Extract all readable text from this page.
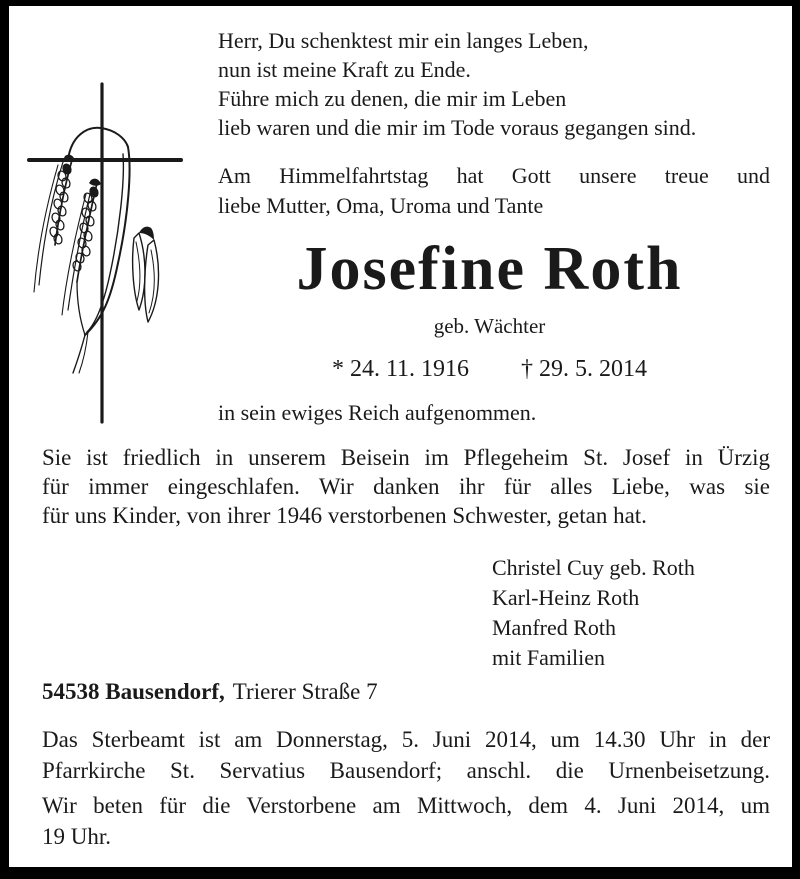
Herr, Du schenktest mir ein langes Leben,
nun ist meine Kraft zu Ende.
Führe mich zu denen, die mir im Leben
lieb waren und die mir im Tode voraus gegangen sind.
Am Himmelfahrtstag hat Gott unsere treue und
liebe Mutter, Oma, Uroma und Tante
Josefine Roth
geb. Wächter
* 24. 11. 1916 † 29. 5. 2014
in sein ewiges Reich aufgenommen.
Sie ist friedlich in unserem Beisein im Pflegeheim St. Josef in Ürzig
für immer eingeschlafen. Wir danken ihr für alles Liebe, was sie
für uns Kinder, von ihrer 1946 verstorbenen Schwester, getan hat.
Christel Cuy geb. Roth
Karl-Heinz Roth
Manfred Roth
mit Familien
54538 Bausendorf, Trierer Straße 7
Das Sterbeamt ist am Donnerstag, 5. Juni 2014, um 14.30 Uhr in der
Pfarrkirche St. Servatius Bausendorf; anschl. die Urnenbeisetzung.
Wir beten für die Verstorbene am Mittwoch, dem 4. Juni 2014, um
19 Uhr.
